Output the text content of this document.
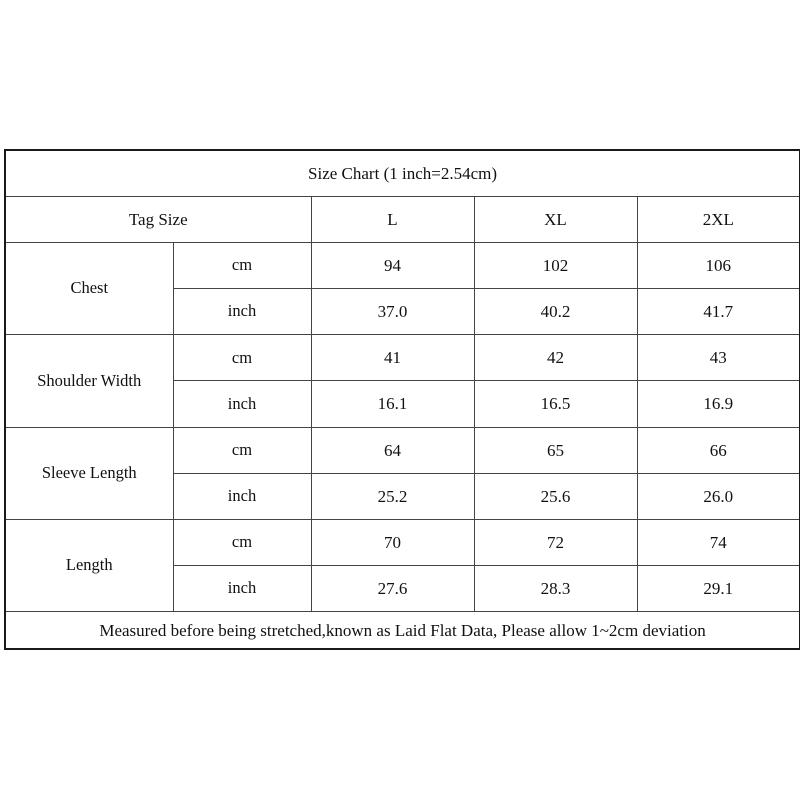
Size Chart (1 inch=2.54cm)				
Tag Size		L	XL	2XL
Chest	cm	94	102	106
	inch	37.0	40.2	41.7
Shoulder Width	cm	41	42	43
	inch	16.1	16.5	16.9
Sleeve Length	cm	64	65	66
	inch	25.2	25.6	26.0
Length	cm	70	72	74
	inch	27.6	28.3	29.1
Measured before being stretched,known as Laid Flat Data, Please allow 1~2cm deviation				
